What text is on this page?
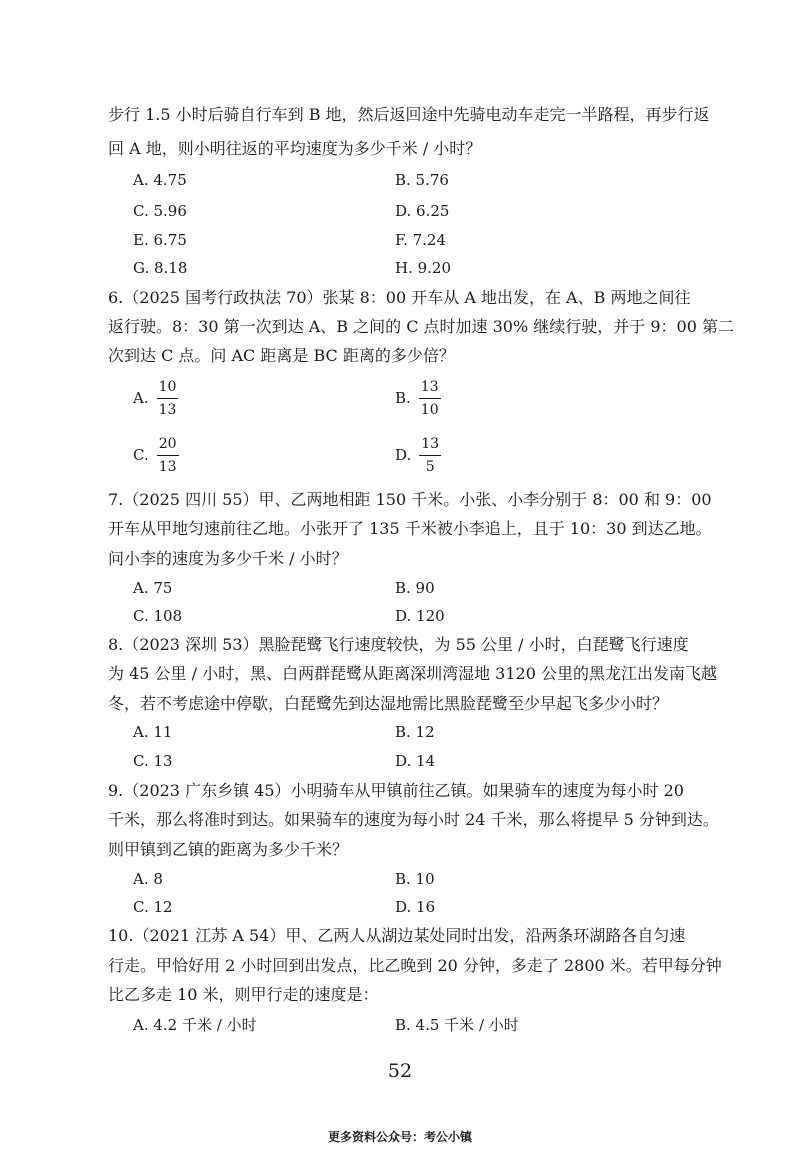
步行 1.5 小时后骑自行车到 B 地，然后返回途中先骑电动车走完一半路程，再步行返
回 A 地，则小明往返的平均速度为多少千米 / 小时？
A. 4.75	B. 5.76
C. 5.96	D. 6.25
E. 6.75	F. 7.24
G. 8.18	H. 9.20
6.（2025 国考行政执法 70）张某 8：00 开车从 A 地出发，在 A、B 两地之间往
返行驶。8：30 第一次到达 A、B 之间的 C 点时加速 30% 继续行驶，并于 9：00 第二
次到达 C 点。问 AC 距离是 BC 距离的多少倍？
A. $\frac{10}{13}$	B. $\frac{13}{10}$
C. $\frac{20}{13}$	D. $\frac{13}{5}$
7.（2025 四川 55）甲、乙两地相距 150 千米。小张、小李分别于 8：00 和 9：00
开车从甲地匀速前往乙地。小张开了 135 千米被小李追上，且于 10：30 到达乙地。
问小李的速度为多少千米 / 小时？
A. 75	B. 90
C. 108	D. 120
8.（2023 深圳 53）黑脸琵鹭飞行速度较快，为 55 公里 / 小时，白琵鹭飞行速度
为 45 公里 / 小时，黑、白两群琵鹭从距离深圳湾湿地 3120 公里的黑龙江出发南飞越
冬，若不考虑途中停歇，白琵鹭先到达湿地需比黑脸琵鹭至少早起飞多少小时？
A. 11	B. 12
C. 13	D. 14
9.（2023 广东乡镇 45）小明骑车从甲镇前往乙镇。如果骑车的速度为每小时 20
千米，那么将准时到达。如果骑车的速度为每小时 24 千米，那么将提早 5 分钟到达。
则甲镇到乙镇的距离为多少千米？
A. 8	B. 10
C. 12	D. 16
10.（2021 江苏 A 54）甲、乙两人从湖边某处同时出发，沿两条环湖路各自匀速
行走。甲恰好用 2 小时回到出发点，比乙晚到 20 分钟，多走了 2800 米。若甲每分钟
比乙多走 10 米，则甲行走的速度是：
A. 4.2 千米 / 小时	B. 4.5 千米 / 小时
52
更多资料公众号：考公小镇
